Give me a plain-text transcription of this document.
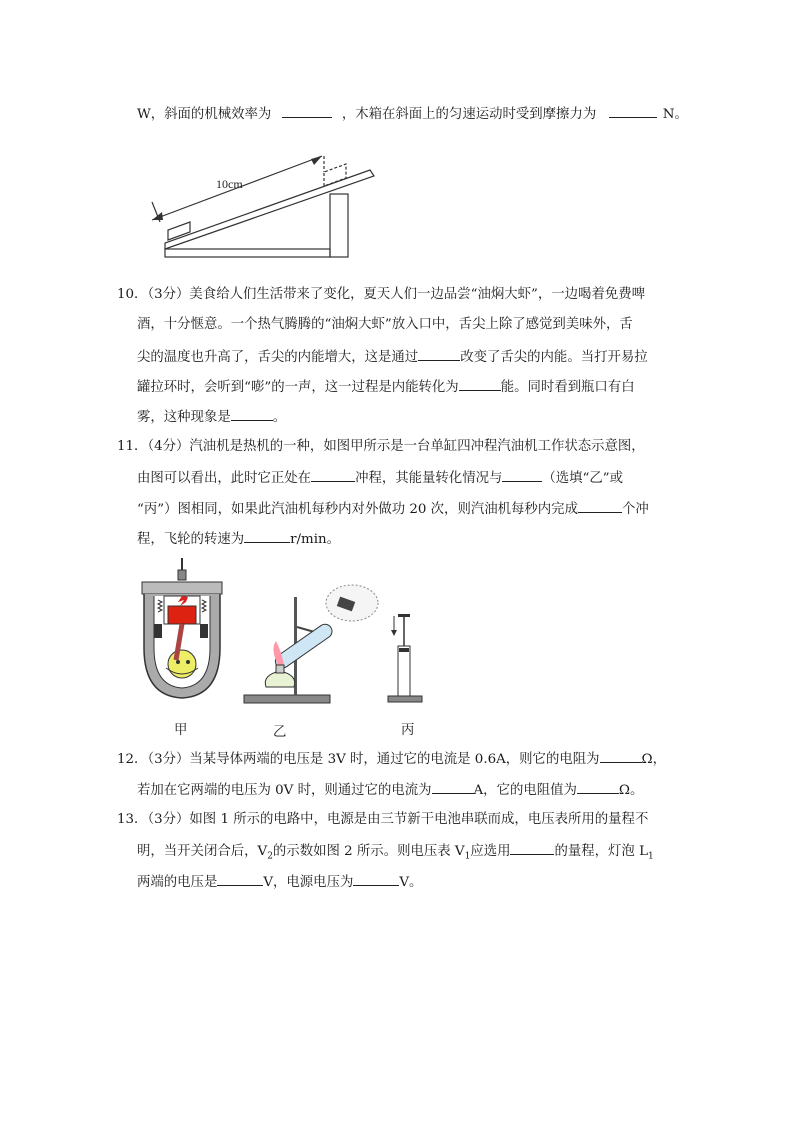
W，斜面的机械效率为	，木箱在斜面上的匀速运动时受到摩擦力为	N。
10cm
10．（3分）美食给人们生活带来了变化，夏天人们一边品尝“油焖大虾”，一边喝着免费啤
酒，十分惬意。一个热气腾腾的“油焖大虾”放入口中，舌尖上除了感觉到美味外，舌
尖的温度也升高了，舌尖的内能增大，这是通过	改变了舌尖的内能。当打开易拉
罐拉环时，会听到“嘭”的一声，这一过程是内能转化为	能。同时看到瓶口有白
雾，这种现象是	。
11．（4分）汽油机是热机的一种，如图甲所示是一台单缸四冲程汽油机工作状态示意图，
由图可以看出，此时它正处在	冲程，其能量转化情况与	（选填“乙”或
“丙”）图相同，如果此汽油机每秒内对外做功 20 次，则汽油机每秒内完成	个冲
程，飞轮的转速为	r/min。
甲	乙	丙
12．（3分）当某导体两端的电压是 3V 时，通过它的电流是 0.6A，则它的电阻为	Ω，
若加在它两端的电压为 0V 时，则通过它的电流为	A，它的电阻值为	Ω。
13．（3分）如图 1 所示的电路中，电源是由三节新干电池串联而成，电压表所用的量程不
明，当开关闭合后，$V_2$的示数如图 2 所示。则电压表 $V_1$应选用	的量程，灯泡 $L_1$
两端的电压是	V，电源电压为	V。
